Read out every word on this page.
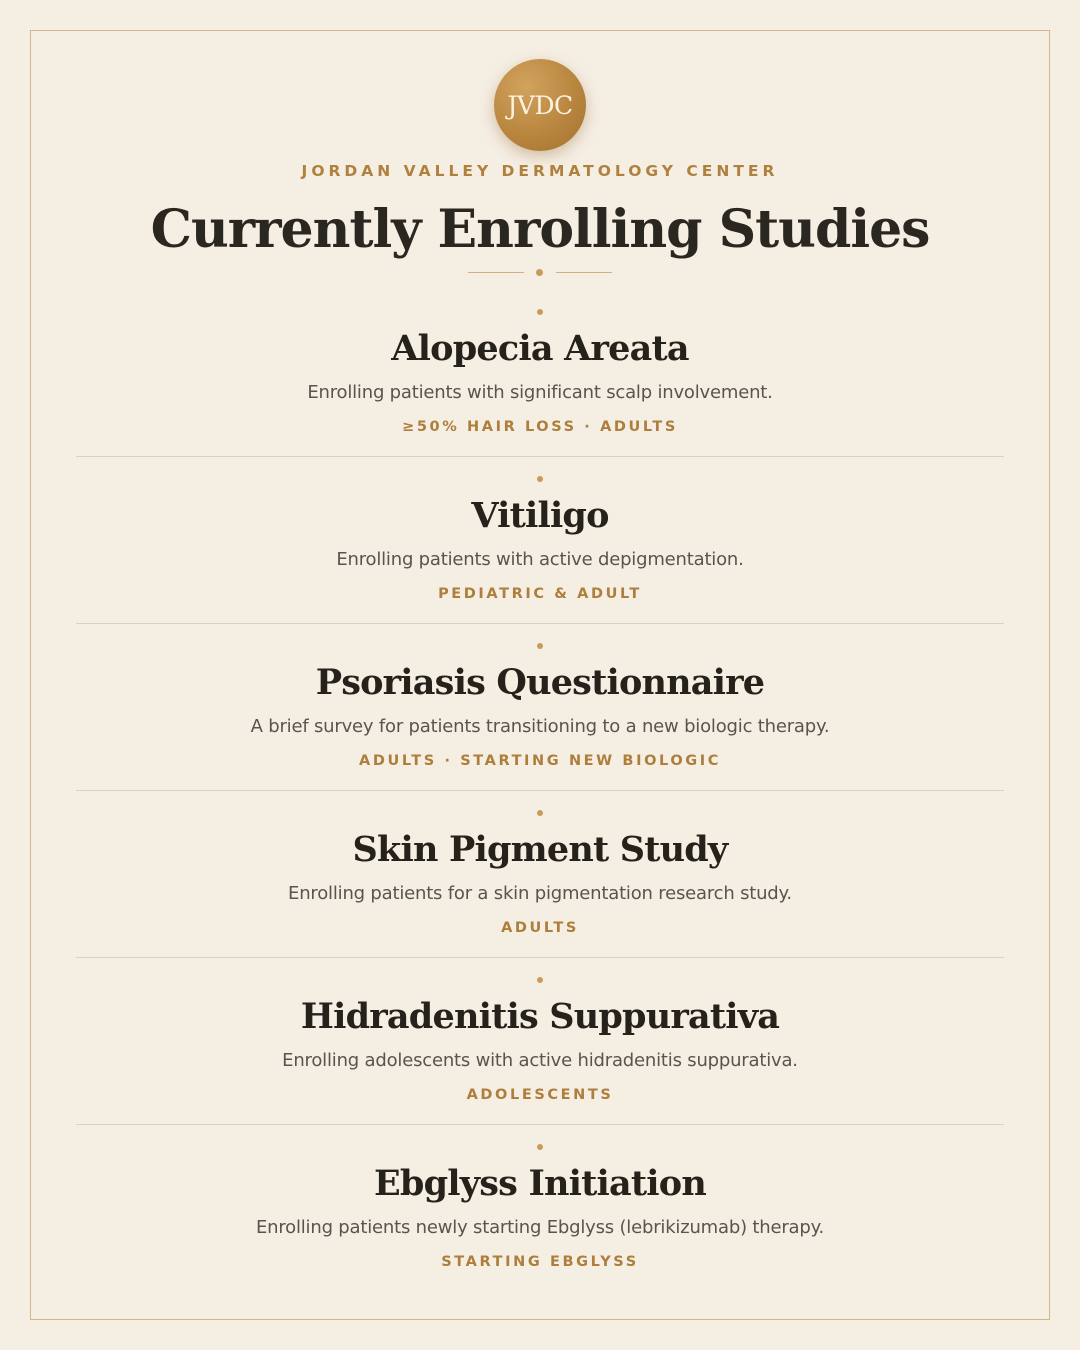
JVDC
JORDAN VALLEY DERMATOLOGY CENTER
Currently Enrolling Studies
Alopecia Areata
Enrolling patients with significant scalp involvement.
≥50% HAIR LOSS · ADULTS
Vitiligo
Enrolling patients with active depigmentation.
PEDIATRIC & ADULT
Psoriasis Questionnaire
A brief survey for patients transitioning to a new biologic therapy.
ADULTS · STARTING NEW BIOLOGIC
Skin Pigment Study
Enrolling patients for a skin pigmentation research study.
ADULTS
Hidradenitis Suppurativa
Enrolling adolescents with active hidradenitis suppurativa.
ADOLESCENTS
Ebglyss Initiation
Enrolling patients newly starting Ebglyss (lebrikizumab) therapy.
STARTING EBGLYSS
